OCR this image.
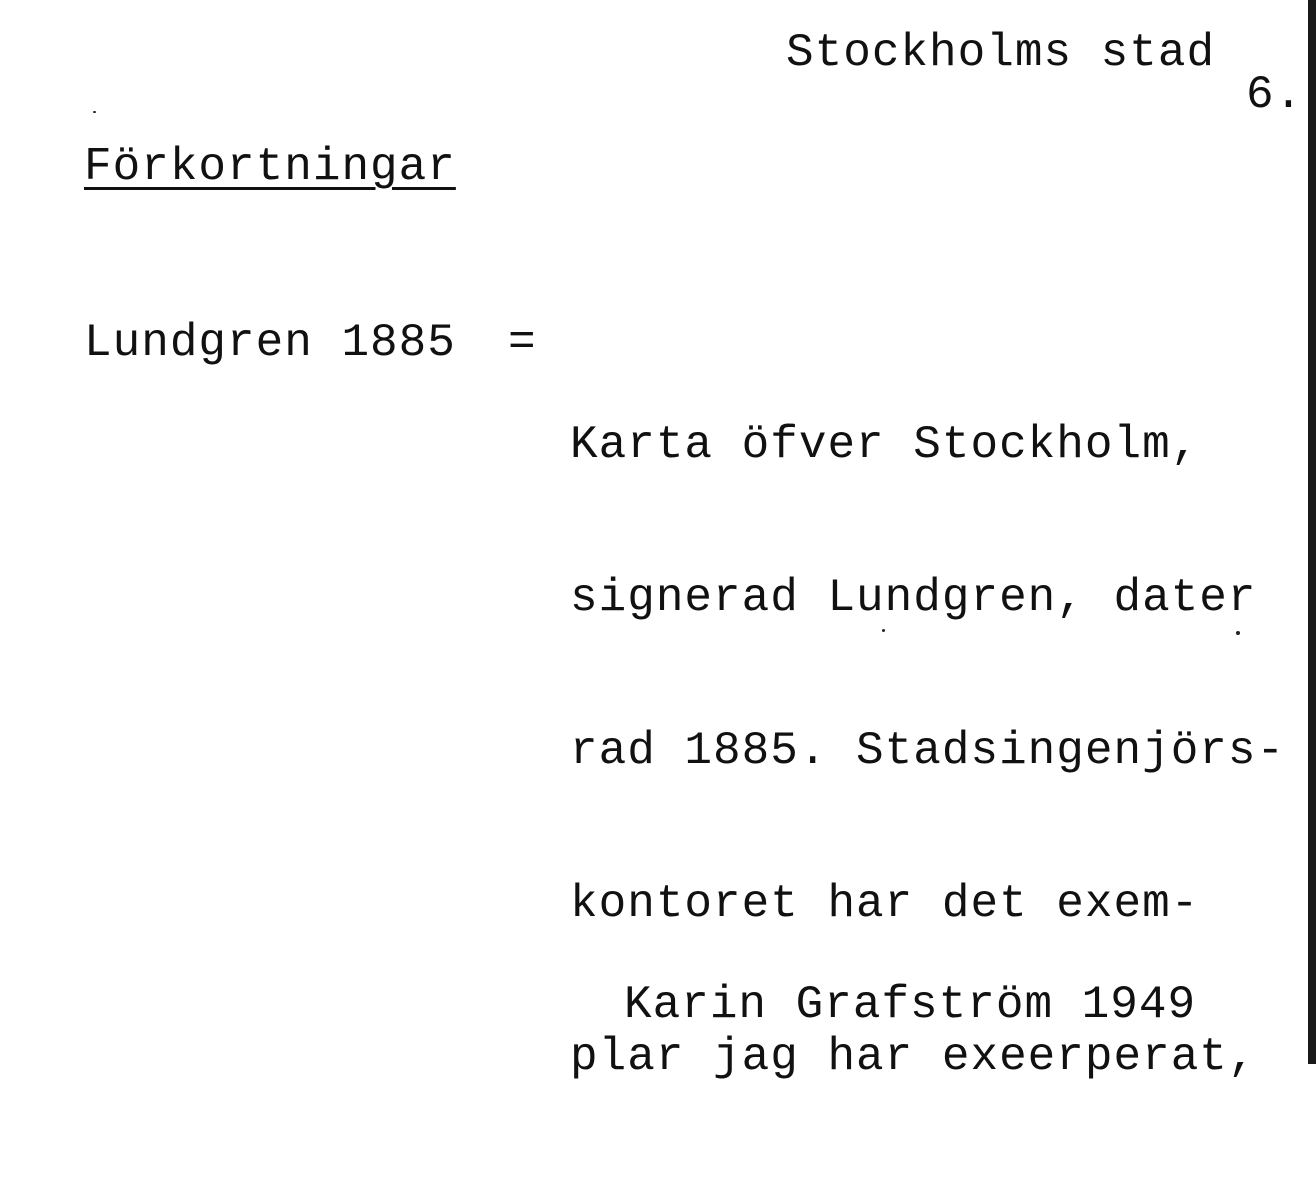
Stockholms stad
6.
Förkortningar
Lundgren 1885 =

Karta öfver Stockholm,

signerad Lundgren, dater

rad 1885. Stadsingenjörs-

kontoret har det exem-

plar jag har exeerperat,

Karin Grafström 1949
